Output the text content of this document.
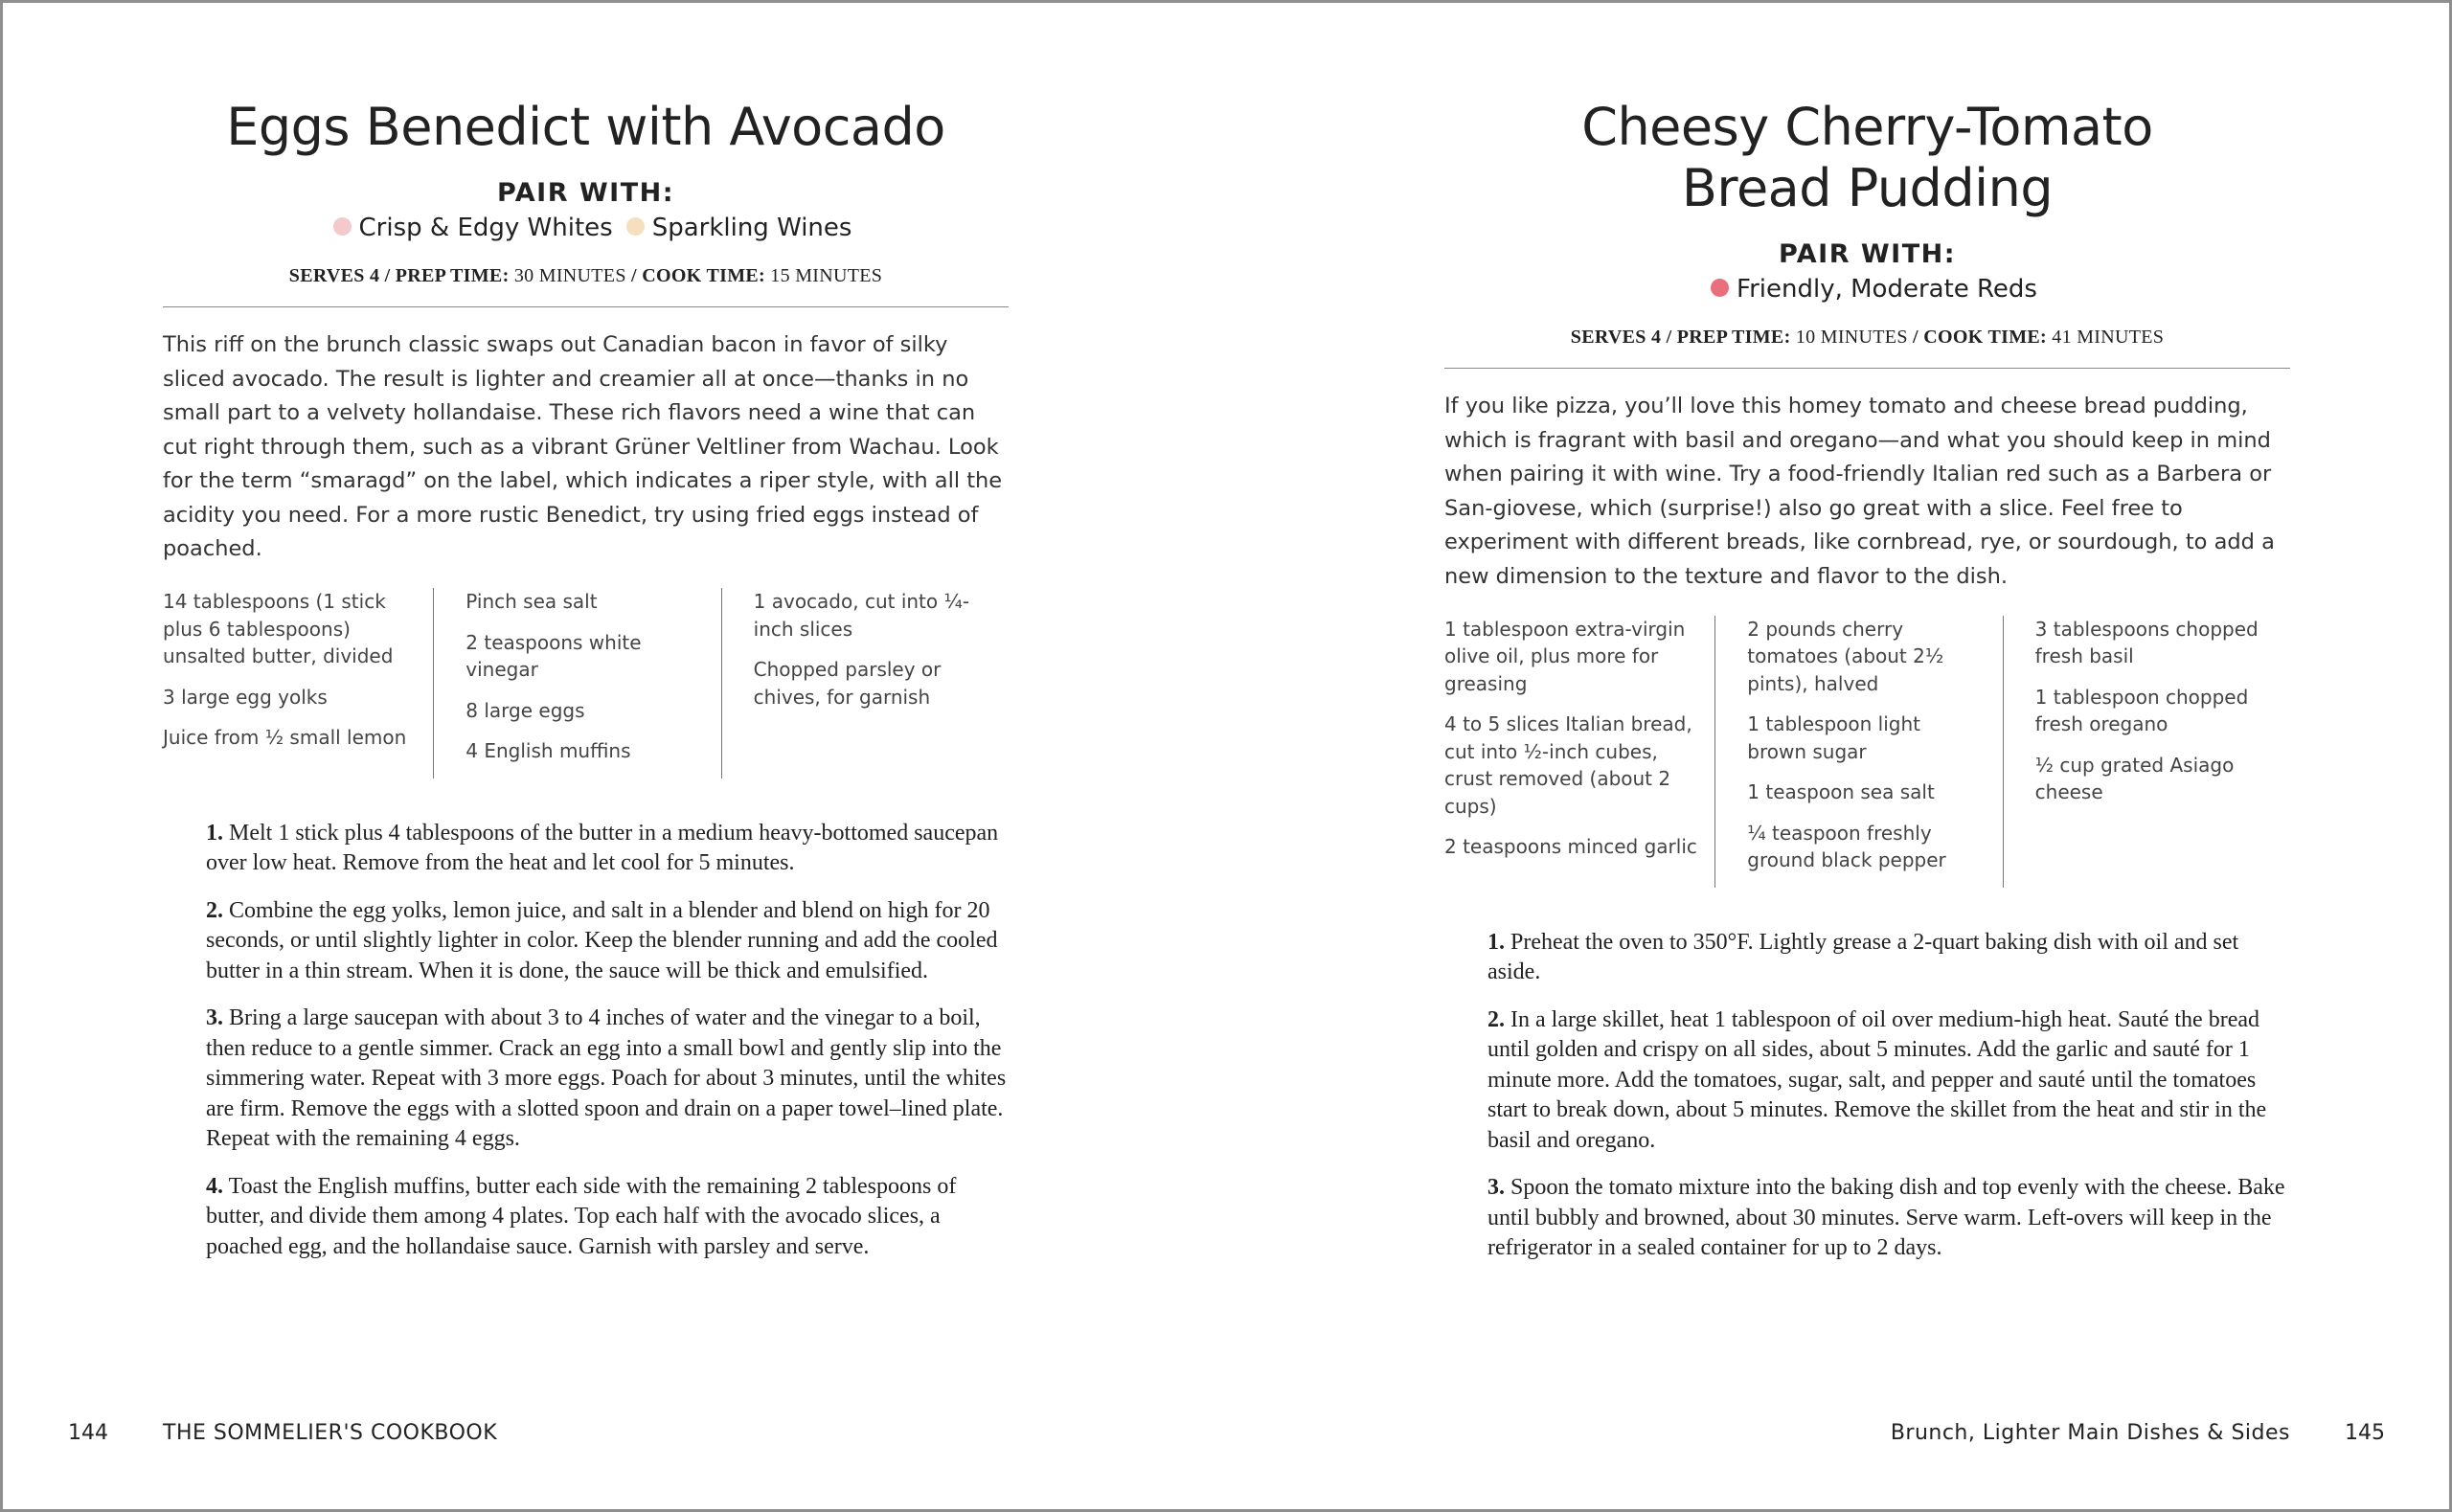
Eggs Benedict with Avocado
PAIR WITH:
Crisp & Edgy Whites Sparkling Wines
SERVES 4 / PREP TIME: 30 MINUTES / COOK TIME: 15 MINUTES

This riff on the brunch classic swaps out Canadian bacon in favor of silky sliced avocado. The result is lighter and creamier all at once—thanks in no small part to a velvety hollandaise. These rich flavors need a wine that can cut right through them, such as a vibrant Grüner Veltliner from Wachau. Look for the term “smaragd” on the label, which indicates a riper style, with all the acidity you need. For a more rustic Benedict, try using fried eggs instead of poached.

14 tablespoons (1 stick plus 6 tablespoons) unsalted butter, divided

3 large egg yolks

Juice from ½ small lemon

Pinch sea salt

2 teaspoons white vinegar

8 large eggs

4 English muffins

1 avocado, cut into ¼-inch slices

Chopped parsley or chives, for garnish

1. Melt 1 stick plus 4 tablespoons of the butter in a medium heavy-bottomed saucepan over low heat. Remove from the heat and let cool for 5 minutes.

2. Combine the egg yolks, lemon juice, and salt in a blender and blend on high for 20 seconds, or until slightly lighter in color. Keep the blender running and add the cooled butter in a thin stream. When it is done, the sauce will be thick and emulsified.

3. Bring a large saucepan with about 3 to 4 inches of water and the vinegar to a boil, then reduce to a gentle simmer. Crack an egg into a small bowl and gently slip into the simmering water. Repeat with 3 more eggs. Poach for about 3 minutes, until the whites are firm. Remove the eggs with a slotted spoon and drain on a paper towel–lined plate. Repeat with the remaining 4 eggs.

4. Toast the English muffins, butter each side with the remaining 2 tablespoons of butter, and divide them among 4 plates. Top each half with the avocado slices, a poached egg, and the hollandaise sauce. Garnish with parsley and serve.

144	THE SOMMELIER'S COOKBOOK
Cheesy Cherry-Tomato
Bread Pudding
PAIR WITH:
Friendly, Moderate Reds
SERVES 4 / PREP TIME: 10 MINUTES / COOK TIME: 41 MINUTES

If you like pizza, you’ll love this homey tomato and cheese bread pudding, which is fragrant with basil and oregano—and what you should keep in mind when pairing it with wine. Try a food-friendly Italian red such as a Barbera or San-giovese, which (surprise!) also go great with a slice. Feel free to experiment with different breads, like cornbread, rye, or sourdough, to add a new dimension to the texture and flavor to the dish.

1 tablespoon extra-virgin olive oil, plus more for greasing

4 to 5 slices Italian bread, cut into ½-inch cubes, crust removed (about 2 cups)

2 teaspoons minced garlic

2 pounds cherry tomatoes (about 2½ pints), halved

1 tablespoon light brown sugar

1 teaspoon sea salt

¼ teaspoon freshly ground black pepper

3 tablespoons chopped fresh basil

1 tablespoon chopped fresh oregano

½ cup grated Asiago cheese

1. Preheat the oven to 350°F. Lightly grease a 2-quart baking dish with oil and set aside.

2. In a large skillet, heat 1 tablespoon of oil over medium-high heat. Sauté the bread until golden and crispy on all sides, about 5 minutes. Add the garlic and sauté for 1 minute more. Add the tomatoes, sugar, salt, and pepper and sauté until the tomatoes start to break down, about 5 minutes. Remove the skillet from the heat and stir in the basil and oregano.

3. Spoon the tomato mixture into the baking dish and top evenly with the cheese. Bake until bubbly and browned, about 30 minutes. Serve warm. Left-overs will keep in the refrigerator in a sealed container for up to 2 days.

Brunch, Lighter Main Dishes & Sides	145
